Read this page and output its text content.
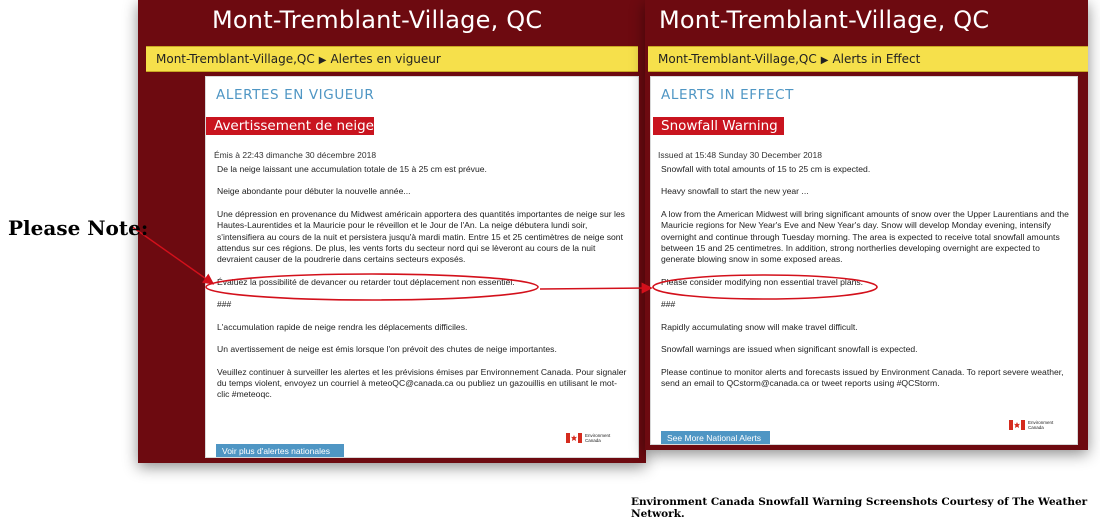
Mont-Tremblant-Village, QC
Mont-Tremblant-Village,QC ▶ Alertes en vigueur
ALERTES EN VIGUEUR
Avertissement de neige
Émis à 22:43 dimanche 30 décembre 2018

De la neige laissant une accumulation totale de 15 à 25 cm est prévue.

Neige abondante pour débuter la nouvelle année...

Une dépression en provenance du Midwest américain apportera des quantités importantes de neige sur les Hautes-Laurentides et la Mauricie pour le réveillon et le Jour de l'An. La neige débutera lundi soir, s'intensifiera au cours de la nuit et persistera jusqu'à mardi matin. Entre 15 et 25 centimètres de neige sont attendus sur ces régions. De plus, les vents forts du secteur nord qui se lèveront au cours de la nuit devraient causer de la poudrerie dans certains secteurs exposés.

Évaluez la possibilité de devancer ou retarder tout déplacement non essentiel.

###

L'accumulation rapide de neige rendra les déplacements difficiles.

Un avertissement de neige est émis lorsque l'on prévoit des chutes de neige importantes.

Veuillez continuer à surveiller les alertes et les prévisions émises par Environnement Canada. Pour signaler du temps violent, envoyez un courriel à meteoQC@canada.ca ou publiez un gazouillis en utilisant le mot-clic #meteoqc.

Environment
Canada
Voir plus d'alertes nationales
Mont-Tremblant-Village, QC
Mont-Tremblant-Village,QC ▶ Alerts in Effect
ALERTS IN EFFECT
Snowfall Warning
Issued at 15:48 Sunday 30 December 2018

Snowfall with total amounts of 15 to 25 cm is expected.

Heavy snowfall to start the new year ...

A low from the American Midwest will bring significant amounts of snow over the Upper Laurentians and the Mauricie regions for New Year's Eve and New Year's day. Snow will develop Monday evening, intensify overnight and continue through Tuesday morning. The area is expected to receive total snowfall amounts between 15 and 25 centimetres. In addition, strong northerlies developing overnight are expected to generate blowing snow in some exposed areas.

Please consider modifying non essential travel plans.

###

Rapidly accumulating snow will make travel difficult.

Snowfall warnings are issued when significant snowfall is expected.

Please continue to monitor alerts and forecasts issued by Environment Canada. To report severe weather, send an email to QCstorm@canada.ca or tweet reports using #QCStorm.

Environment
Canada
See More National Alerts
Please Note:
Environment Canada Snowfall Warning Screenshots Courtesy of The Weather Network.
